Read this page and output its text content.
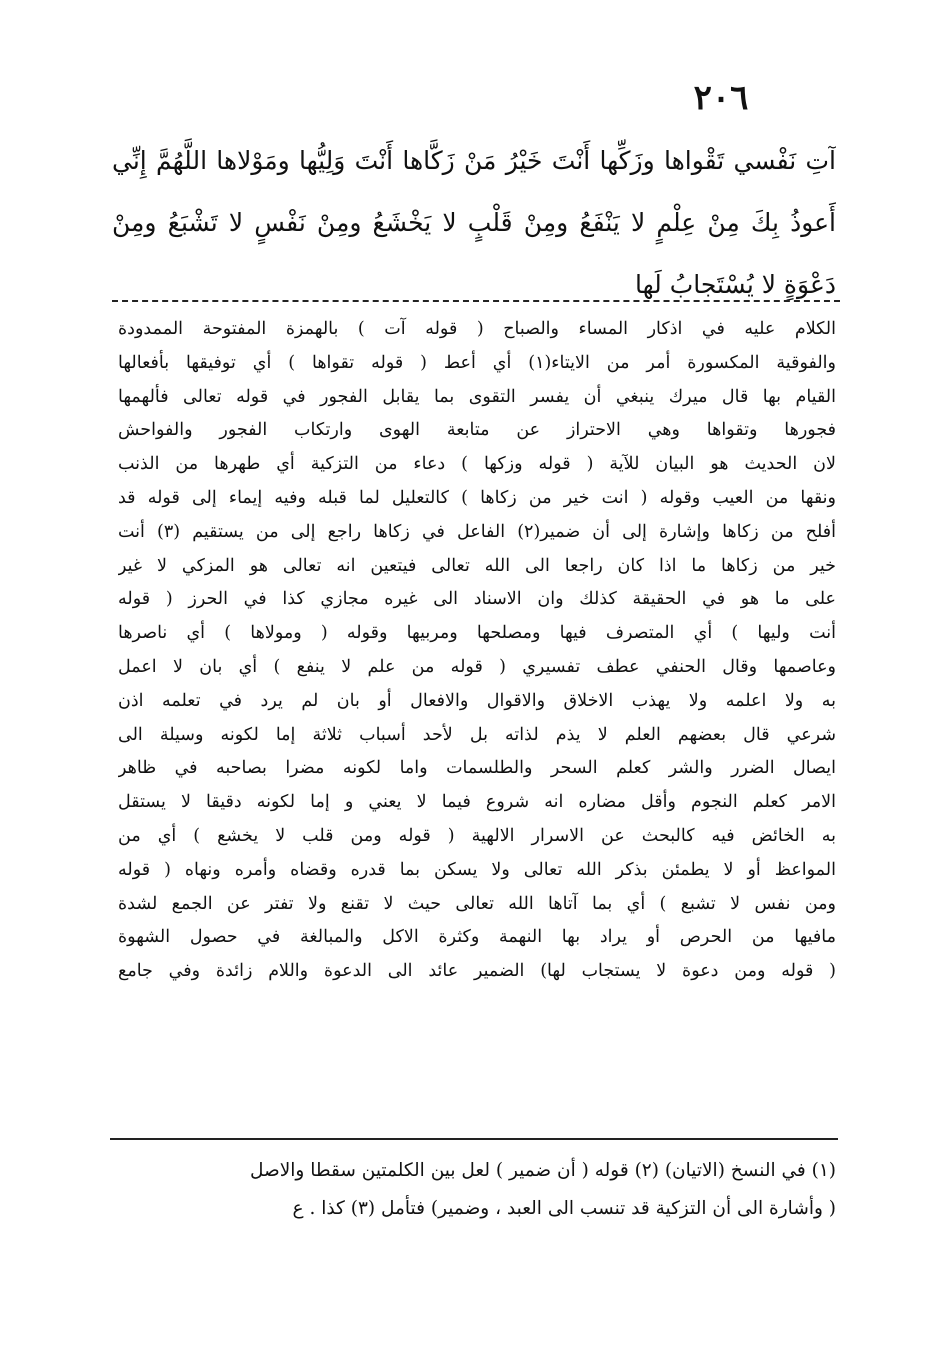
٢٠٦
آتِ نَفْسي تَقْواها وزَكِّها أَنْتَ خَيْرُ مَنْ زَكَّاها أَنْتَ وَلِيُّها ومَوْلاها اللَّهُمَّ إِنِّي
أَعوذُ بِكَ مِنْ عِلْمٍ لا يَنْفَعُ ومِنْ قَلْبٍ لا يَخْشَعُ ومِنْ نَفْسٍ لا تَشْبَعُ ومِنْ
دَعْوَةٍ لا يُسْتَجابُ لَها
الكلام عليه في اذكار المساء والصباح ( قوله آت ) بالهمزة المفتوحة الممدودة
والفوقية المكسورة أمر من الايتاء(١) أي أعط ( قوله تقواها ) أي توفيقها بأفعالها
القيام بها قال ميرك ينبغي أن يفسر التقوى بما يقابل الفجور في قوله تعالى فألهمها
فجورها وتقواها وهي الاحتراز عن متابعة الهوى وارتكاب الفجور والفواحش
لان الحديث هو البيان للآية ( قوله وزكها ) دعاء من التزكية أي طهرها من الذنب
ونقها من العيب وقوله ( انت خير من زكاها ) كالتعليل لما قبله وفيه إيماء إلى قوله قد
أفلح من زكاها وإشارة إلى أن ضمير(٢) الفاعل في زكاها راجع إلى من يستقيم (٣) أنت
خير من زكاها ما اذا كان راجعا الى الله تعالى فيتعين انه تعالى هو المزكي لا غير
على ما هو في الحقيقة كذلك وان الاسناد الى غيره مجازي كذا في الحرز ( قوله
أنت وليها ) أي المتصرف فيها ومصلحها ومربيها وقوله ( ومولاها ) أي ناصرها
وعاصمها وقال الحنفي عطف تفسيري ( قوله من علم لا ينفع ) أي بان لا اعمل
به ولا اعلمه ولا يهذب الاخلاق والاقوال والافعال أو بان لم يرد في تعلمه اذن
شرعي قال بعضهم العلم لا يذم لذاته بل لأحد أسباب ثلاثة إما لكونه وسيلة الى
ايصال الضرر والشر كعلم السحر والطلسمات واما لكونه مضرا بصاحبه في ظاهر
الامر كعلم النجوم وأقل مضاره انه شروع فيما لا يعني و إما لكونه دقيقا لا يستقل
به الخائض فيه كالبحث عن الاسرار الالهية ( قوله ومن قلب لا يخشع ) أي من
المواعظ أو لا يطمئن بذكر الله تعالى ولا يسكن بما قدره وقضاه وأمره ونهاه ( قوله
ومن نفس لا تشبع ) أي بما آتاها الله تعالى حيث لا تقنع ولا تفتر عن الجمع لشدة
مافيها من الحرص أو يراد بها النهمة وكثرة الاكل والمبالغة في حصول الشهوة
( قوله ومن دعوة لا يستجاب لها) الضمير عائد الى الدعوة واللام زائدة وفي جامع
(١) في النسخ (الاتيان) (٢) قوله ( أن ضمير ) لعل بين الكلمتين سقطا والاصل
( وأشارة الى أن التزكية قد تنسب الى العبد ، وضمير) فتأمل (٣) كذا . ع
